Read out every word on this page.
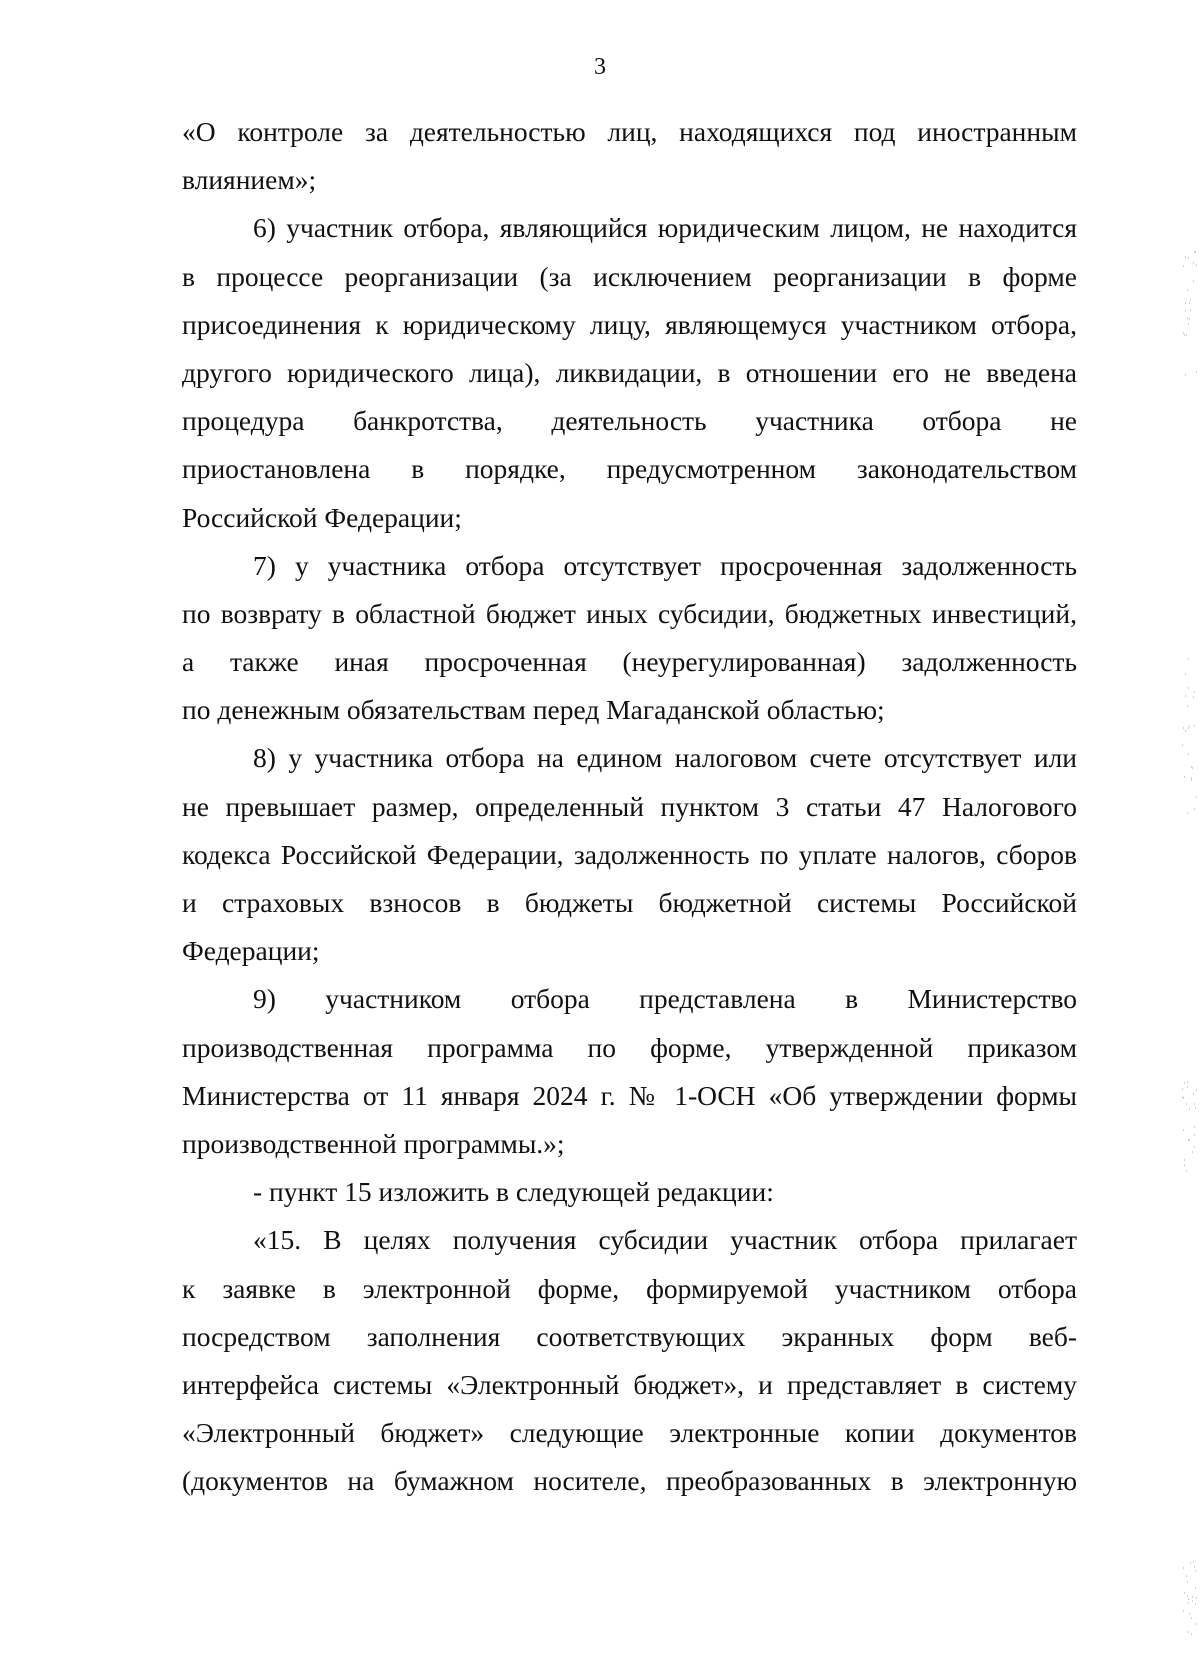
3
«О контроле за деятельностью лиц, находящихся под иностранным
влиянием»;
6) участник отбора, являющийся юридическим лицом, не находится
в процессе реорганизации (за исключением реорганизации в форме
присоединения к юридическому лицу, являющемуся участником отбора,
другого юридического лица), ликвидации, в отношении его не введена
процедура банкротства, деятельность участника отбора не
приостановлена в порядке, предусмотренном законодательством
Российской Федерации;
7) у участника отбора отсутствует просроченная задолженность
по возврату в областной бюджет иных субсидии, бюджетных инвестиций,
а также иная просроченная (неурегулированная) задолженность
по денежным обязательствам перед Магаданской областью;
8) у участника отбора на едином налоговом счете отсутствует или
не превышает размер, определенный пунктом 3 статьи 47 Налогового
кодекса Российской Федерации, задолженность по уплате налогов, сборов
и страховых взносов в бюджеты бюджетной системы Российской
Федерации;
9) участником отбора представлена в Министерство
производственная программа по форме, утвержденной приказом
Министерства от 11 января 2024 г. № 1-ОСН «Об утверждении формы
производственной программы.»;
- пункт 15 изложить в следующей редакции:
«15. В целях получения субсидии участник отбора прилагает
к заявке в электронной форме, формируемой участником отбора
посредством заполнения соответствующих экранных форм веб-
интерфейса системы «Электронный бюджет», и представляет в систему
«Электронный бюджет» следующие электронные копии документов
(документов на бумажном носителе, преобразованных в электронную
